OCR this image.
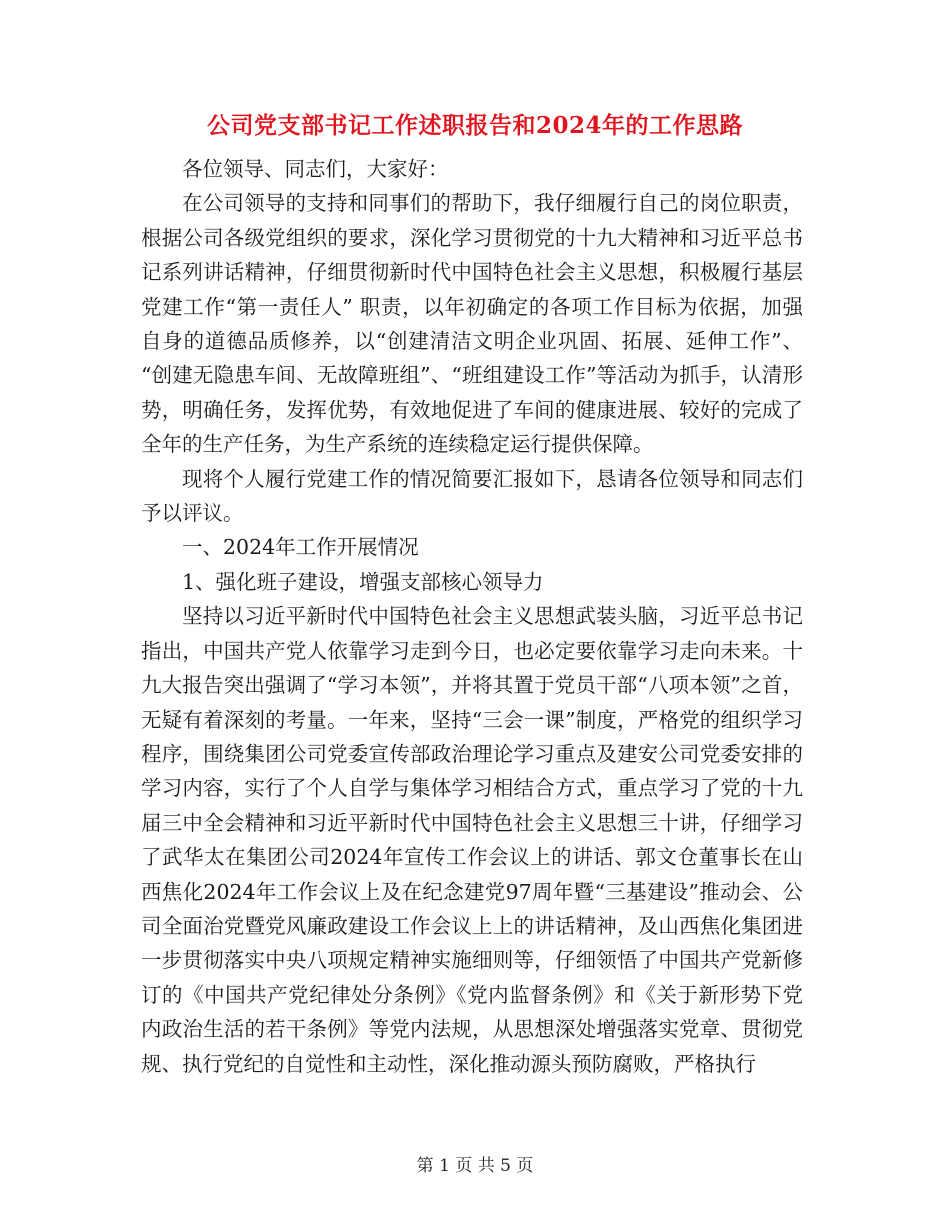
公司党支部书记工作述职报告和2024年的工作思路

各位领导、同志们，大家好：

在公司领导的支持和同事们的帮助下，我仔细履行自己的岗位职责，根据公司各级党组织的要求，深化学习贯彻党的十九大精神和习近平总书记系列讲话精神，仔细贯彻新时代中国特色社会主义思想，积极履行基层党建工作“第一责任人” 职责，以年初确定的各项工作目标为依据，加强自身的道德品质修养，以“创建清洁文明企业巩固、拓展、延伸工作”、 “创建无隐患车间、无故障班组”、“班组建设工作”等活动为抓手，认清形势，明确任务，发挥优势，有效地促进了车间的健康进展、较好的完成了全年的生产任务，为生产系统的连续稳定运行提供保障。

现将个人履行党建工作的情况简要汇报如下，恳请各位领导和同志们予以评议。

一、2024年工作开展情况

1、强化班子建设，增强支部核心领导力

坚持以习近平新时代中国特色社会主义思想武装头脑，习近平总书记指出，中国共产党人依靠学习走到今日，也必定要依靠学习走向未来。十九大报告突出强调了“学习本领”，并将其置于党员干部“八项本领”之首，无疑有着深刻的考量。一年来，坚持“三会一课”制度，严格党的组织学习程序，围绕集团公司党委宣传部政治理论学习重点及建安公司党委安排的学习内容，实行了个人自学与集体学习相结合方式，重点学习了党的十九届三中全会精神和习近平新时代中国特色社会主义思想三十讲，仔细学习了武华太在集团公司2024年宣传工作会议上的讲话、郭文仓董事长在山西焦化2024年工作会议上及在纪念建党97周年暨“三基建设”推动会、公司全面治党暨党风廉政建设工作会议上上的讲话精神，及山西焦化集团进一步贯彻落实中央八项规定精神实施细则等，仔细领悟了中国共产党新修订的《中国共产党纪律处分条例》《党内监督条例》和《关于新形势下党内政治生活的若干条例》等党内法规，从思想深处增强落实党章、贯彻党规、执行党纪的自觉性和主动性，深化推动源头预防腐败，严格执行

第 1 页 共 5 页
